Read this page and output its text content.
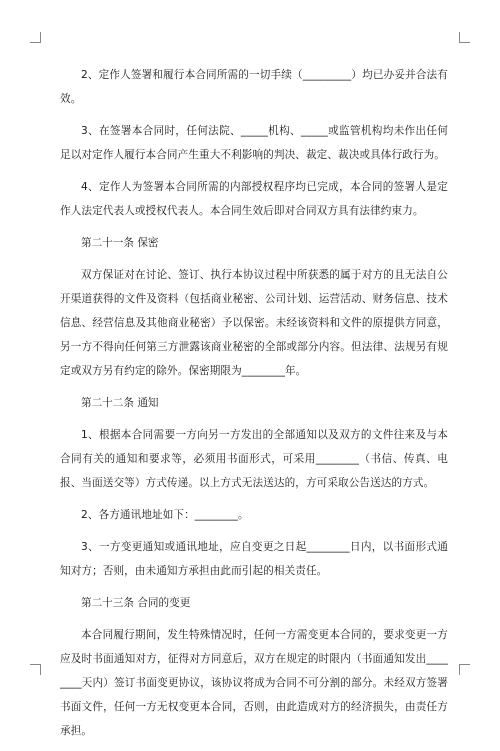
2、定作人签署和履行本合同所需的一切手续（_________）均已办妥并合法有效。

3、在签署本合同时，任何法院、_____机构、_____或监管机构均未作出任何足以对定作人履行本合同产生重大不利影响的判决、裁定、裁决或具体行政行为。

4、定作人为签署本合同所需的内部授权程序均已完成，本合同的签署人是定作人法定代表人或授权代表人。本合同生效后即对合同双方具有法律约束力。

第二十一条 保密

双方保证对在讨论、签订、执行本协议过程中所获悉的属于对方的且无法自公开渠道获得的文件及资料（包括商业秘密、公司计划、运营活动、财务信息、技术信息、经营信息及其他商业秘密）予以保密。未经该资料和文件的原提供方同意，另一方不得向任何第三方泄露该商业秘密的全部或部分内容。但法律、法规另有规定或双方另有约定的除外。保密期限为________年。

第二十二条 通知

1、根据本合同需要一方向另一方发出的全部通知以及双方的文件往来及与本合同有关的通知和要求等，必须用书面形式，可采用________（书信、传真、电报、当面送交等）方式传递。以上方式无法送达的，方可采取公告送达的方式。

2、各方通讯地址如下：________。

3、一方变更通知或通讯地址，应自变更之日起________日内，以书面形式通知对方；否则，由未通知方承担由此而引起的相关责任。

第二十三条 合同的变更

本合同履行期间，发生特殊情况时，任何一方需变更本合同的，要求变更一方应及时书面通知对方，征得对方同意后，双方在规定的时限内（书面通知发出________天内）签订书面变更协议，该协议将成为合同不可分割的部分。未经双方签署书面文件，任何一方无权变更本合同，否则，由此造成对方的经济损失，由责任方承担。
